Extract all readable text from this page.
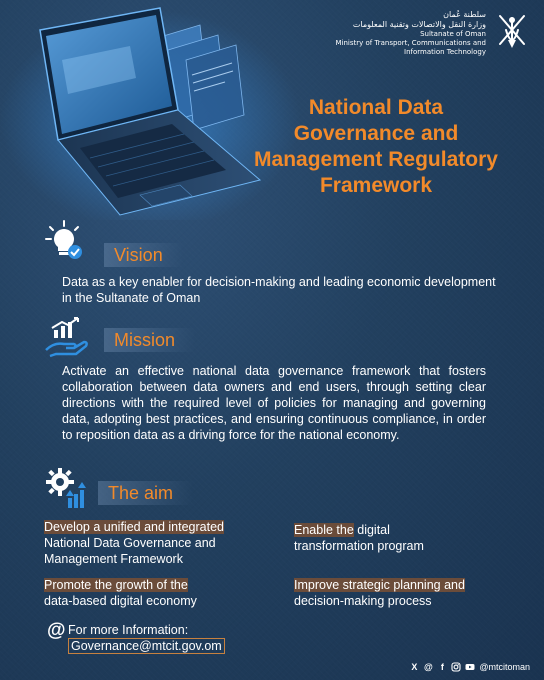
سلطنة عُمان
وزارة النقل والاتصالات وتقنية المعلومات
Sultanate of Oman
Ministry of Transport, Communications and
Information Technology
National Data
Governance and
Management Regulatory
Framework
Vision
Data as a key enabler for decision-making and leading economic development in the Sultanate of Oman
Mission
Activate an effective national data governance framework that fosters collaboration between data owners and end users, through setting clear directions with the required level of policies for managing and governing data, adopting best practices, and ensuring continuous compliance, in order to reposition data as a driving force for the national economy.
The aim
Develop a unified and integrated
National Data Governance and
Management Framework
Enable the digital
transformation program
Promote the growth of the
data-based digital economy
Improve strategic planning and
decision-making process
@ For more Information:
Governance@mtcit.gov.om
X @ f	@mtcitoman
